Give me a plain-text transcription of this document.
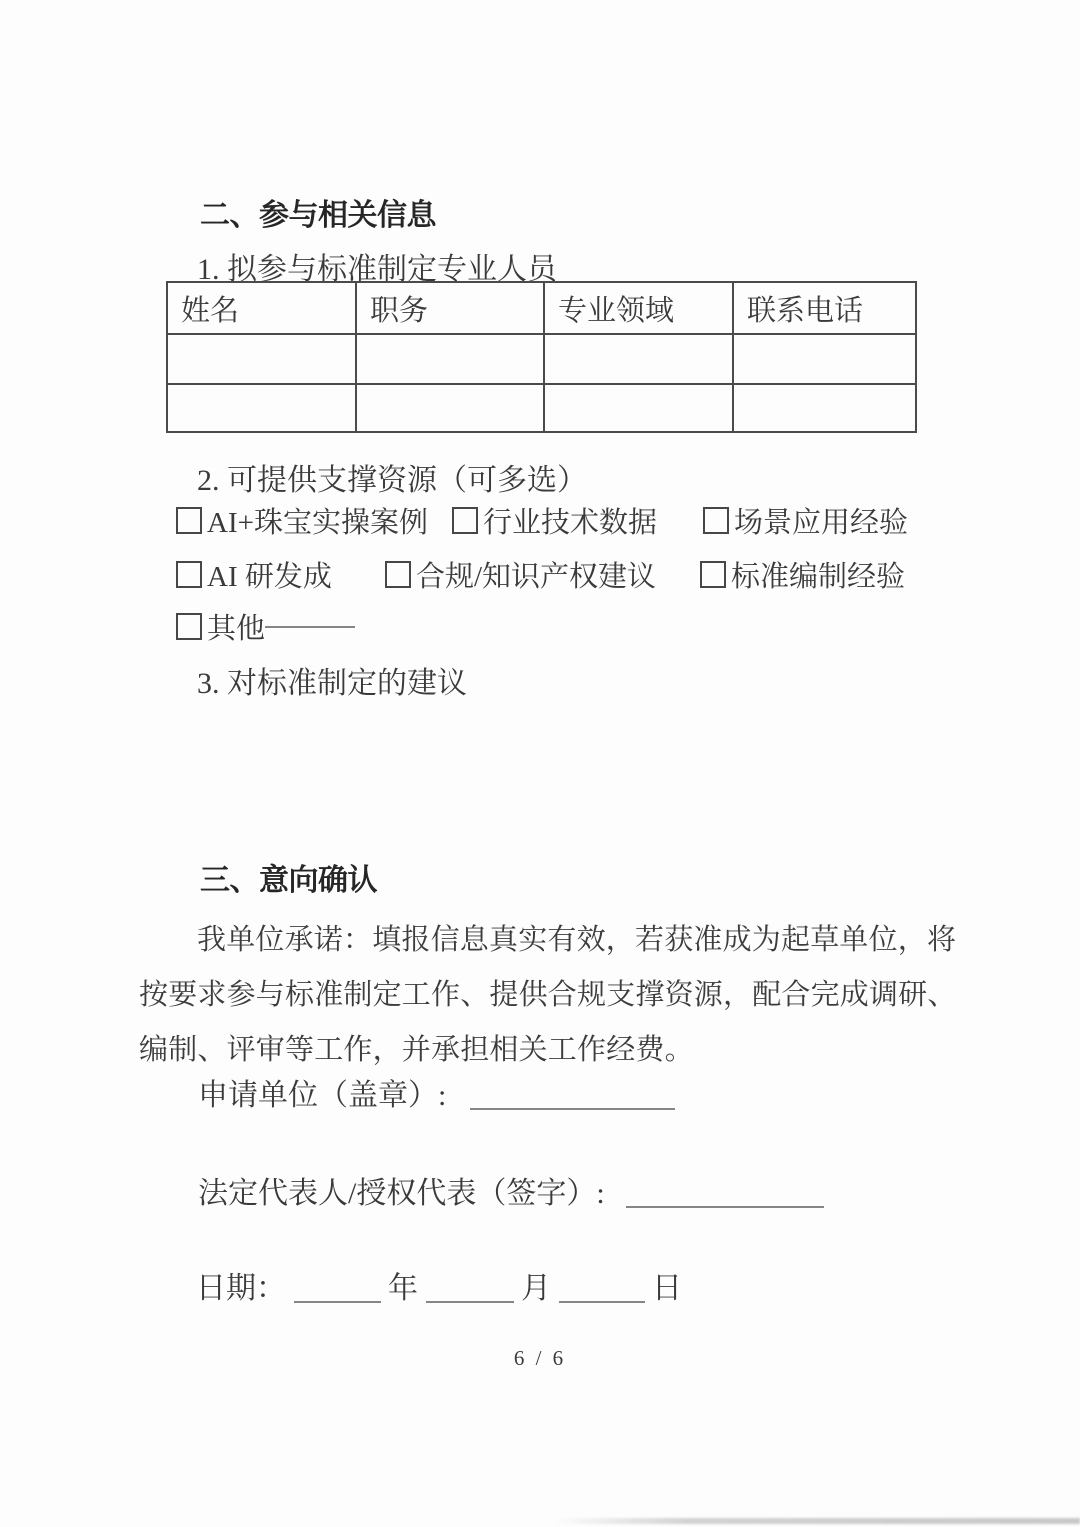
二、参与相关信息
1. 拟参与标准制定专业人员
姓名	职务	专业领域	联系电话

2. 可提供支撑资源（可多选）
AI+珠宝实操案例 行业技术数据	场景应用经验
AI 研发成	合规/知识产权建议	标准编制经验
其他
3. 对标准制定的建议
三、意向确认
我单位承诺：填报信息真实有效，若获准成为起草单位，将
按要求参与标准制定工作、提供合规支撑资源，配合完成调研、
编制、评审等工作，并承担相关工作经费。
申请单位（盖章）:
法定代表人/授权代表（签字）:
日期：	年	月	日
6 / 6
